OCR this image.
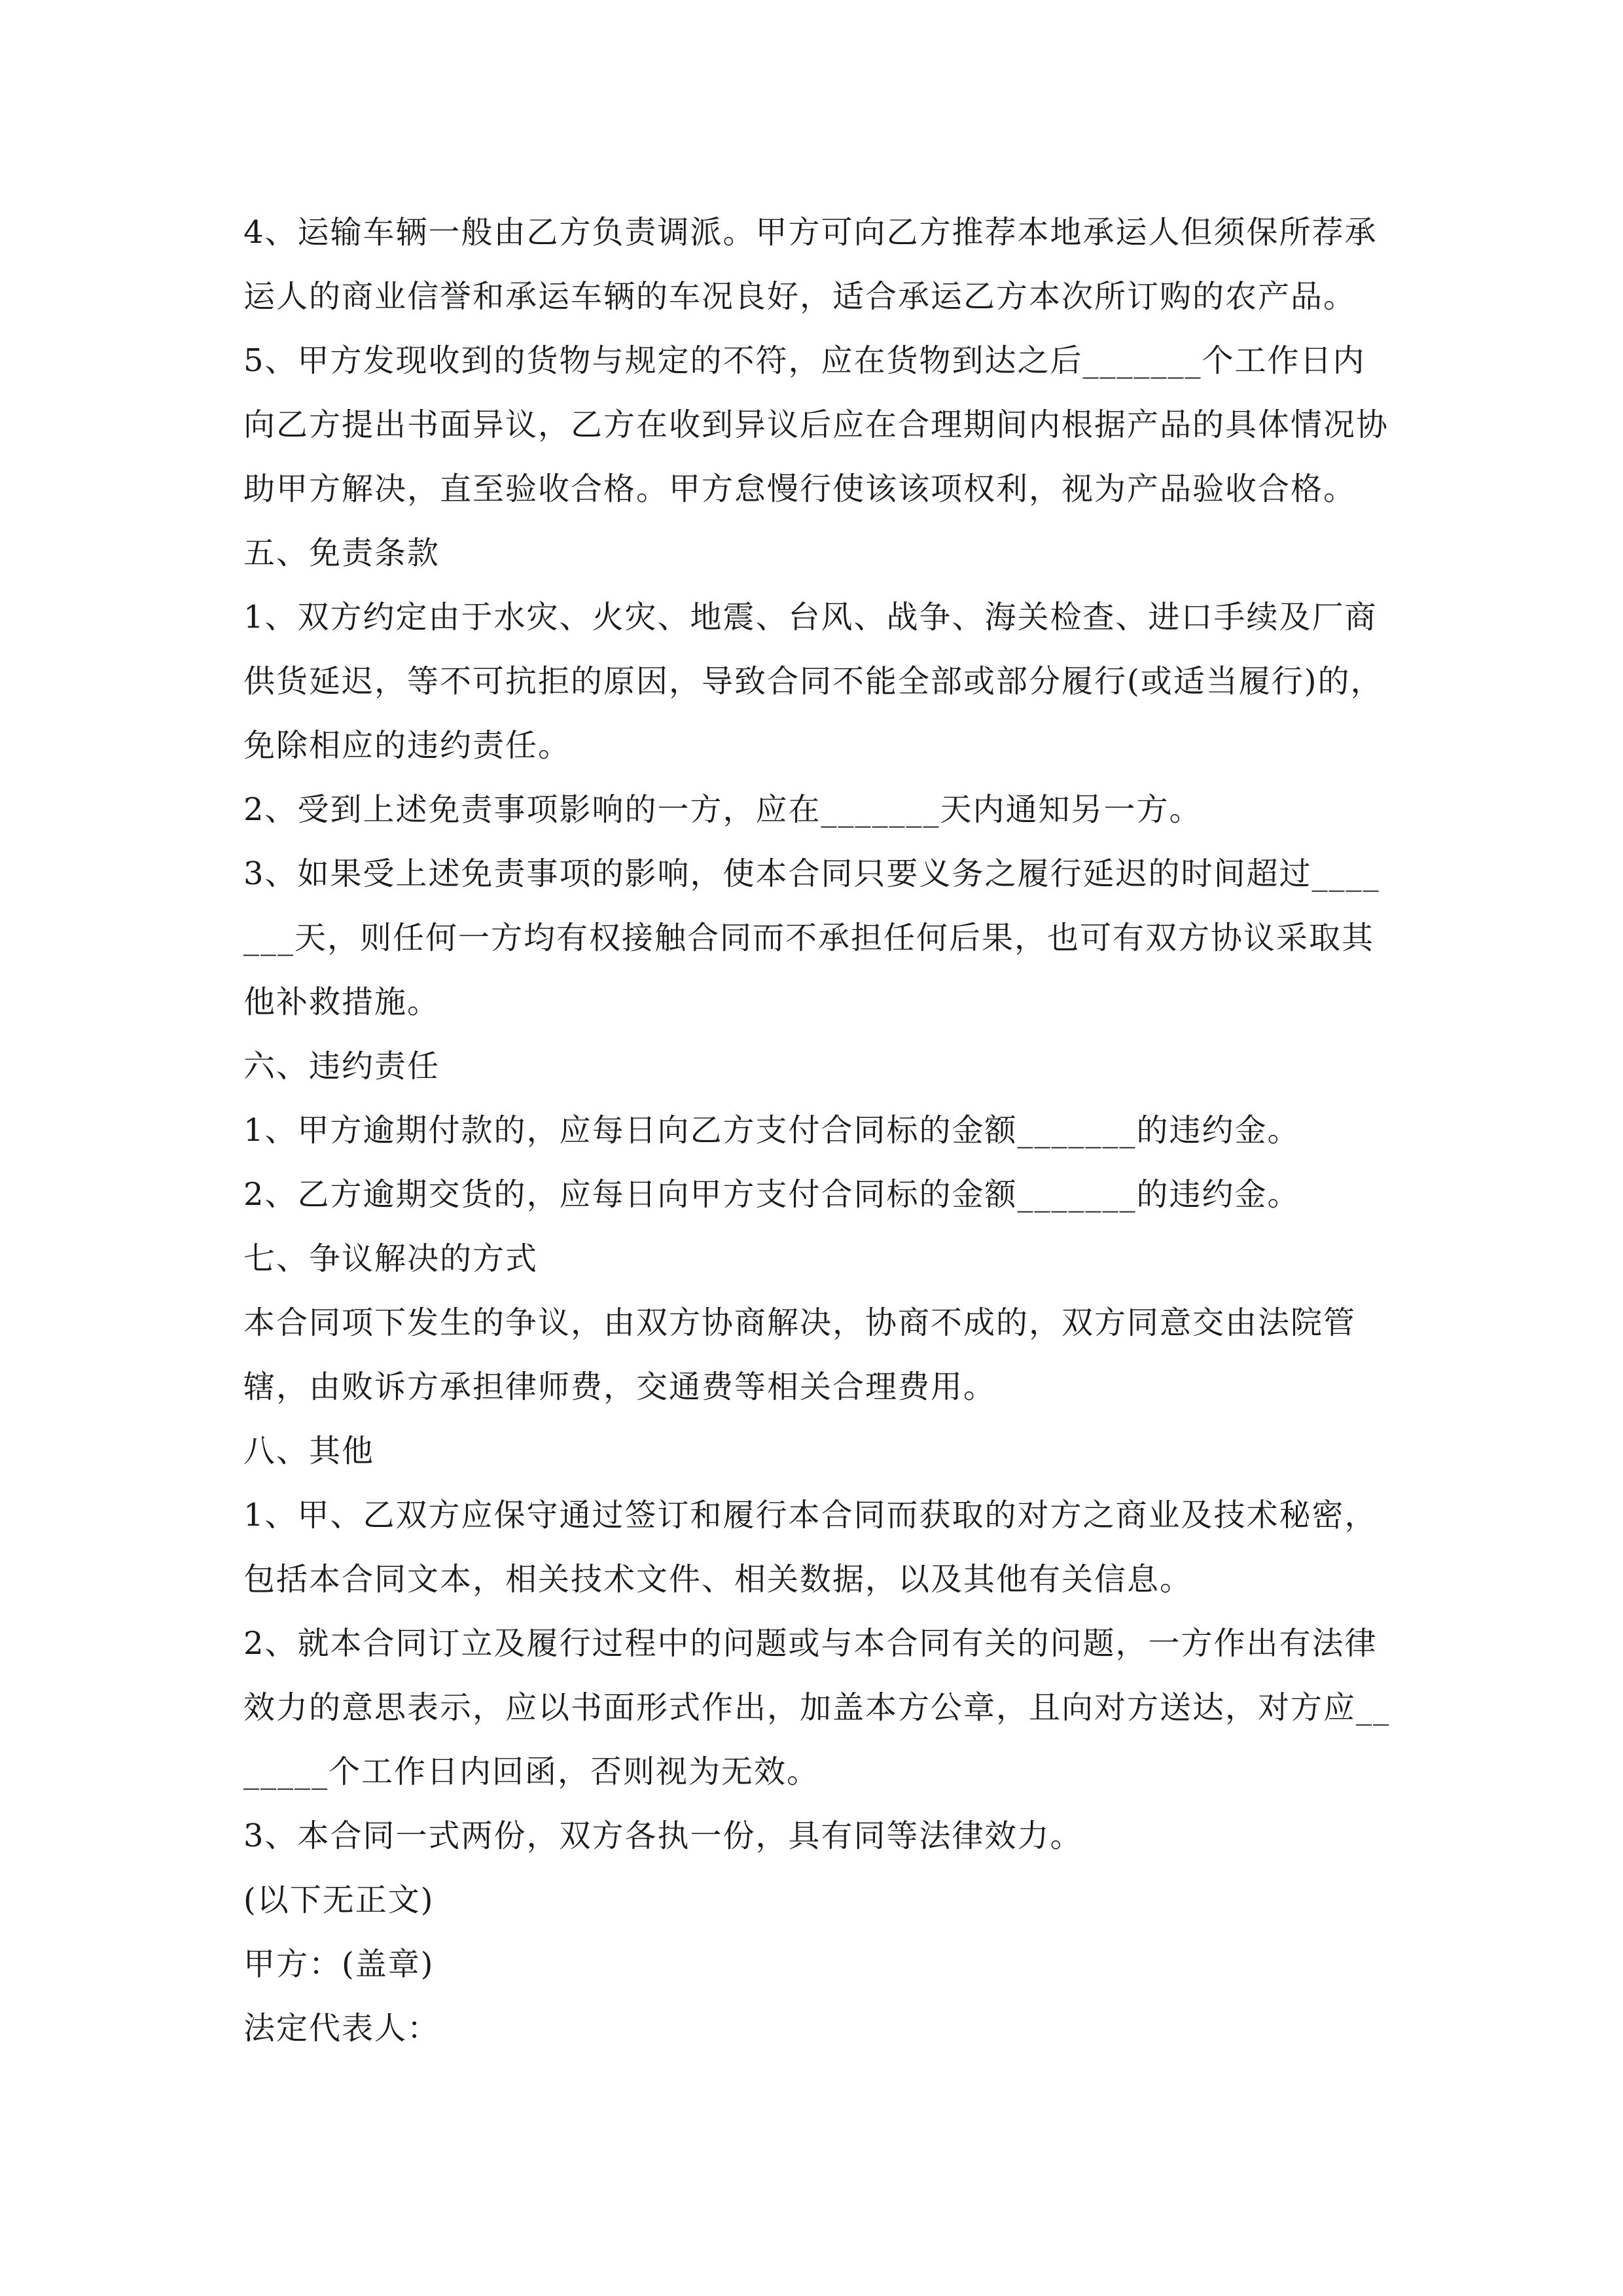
4、运输车辆一般由乙方负责调派。甲方可向乙方推荐本地承运人但须保所荐承运人的商业信誉和承运车辆的车况良好，适合承运乙方本次所订购的农产品。

5、甲方发现收到的货物与规定的不符，应在货物到达之后_______个工作日内向乙方提出书面异议，乙方在收到异议后应在合理期间内根据产品的具体情况协助甲方解决，直至验收合格。甲方怠慢行使该该项权利，视为产品验收合格。

五、免责条款

1、双方约定由于水灾、火灾、地震、台风、战争、海关检查、进口手续及厂商供货延迟，等不可抗拒的原因，导致合同不能全部或部分履行(或适当履行)的，免除相应的违约责任。

2、受到上述免责事项影响的一方，应在_______天内通知另一方。

3、如果受上述免责事项的影响，使本合同只要义务之履行延迟的时间超过_______天，则任何一方均有权接触合同而不承担任何后果，也可有双方协议采取其他补救措施。

六、违约责任

1、甲方逾期付款的，应每日向乙方支付合同标的金额_______的违约金。

2、乙方逾期交货的，应每日向甲方支付合同标的金额_______的违约金。

七、争议解决的方式

本合同项下发生的争议，由双方协商解决，协商不成的，双方同意交由法院管辖，由败诉方承担律师费，交通费等相关合理费用。

八、其他

1、甲、乙双方应保守通过签订和履行本合同而获取的对方之商业及技术秘密，包括本合同文本，相关技术文件、相关数据，以及其他有关信息。

2、就本合同订立及履行过程中的问题或与本合同有关的问题，一方作出有法律效力的意思表示，应以书面形式作出，加盖本方公章，且向对方送达，对方应_______个工作日内回函，否则视为无效。

3、本合同一式两份，双方各执一份，具有同等法律效力。

(以下无正文)

甲方：(盖章)

法定代表人：
